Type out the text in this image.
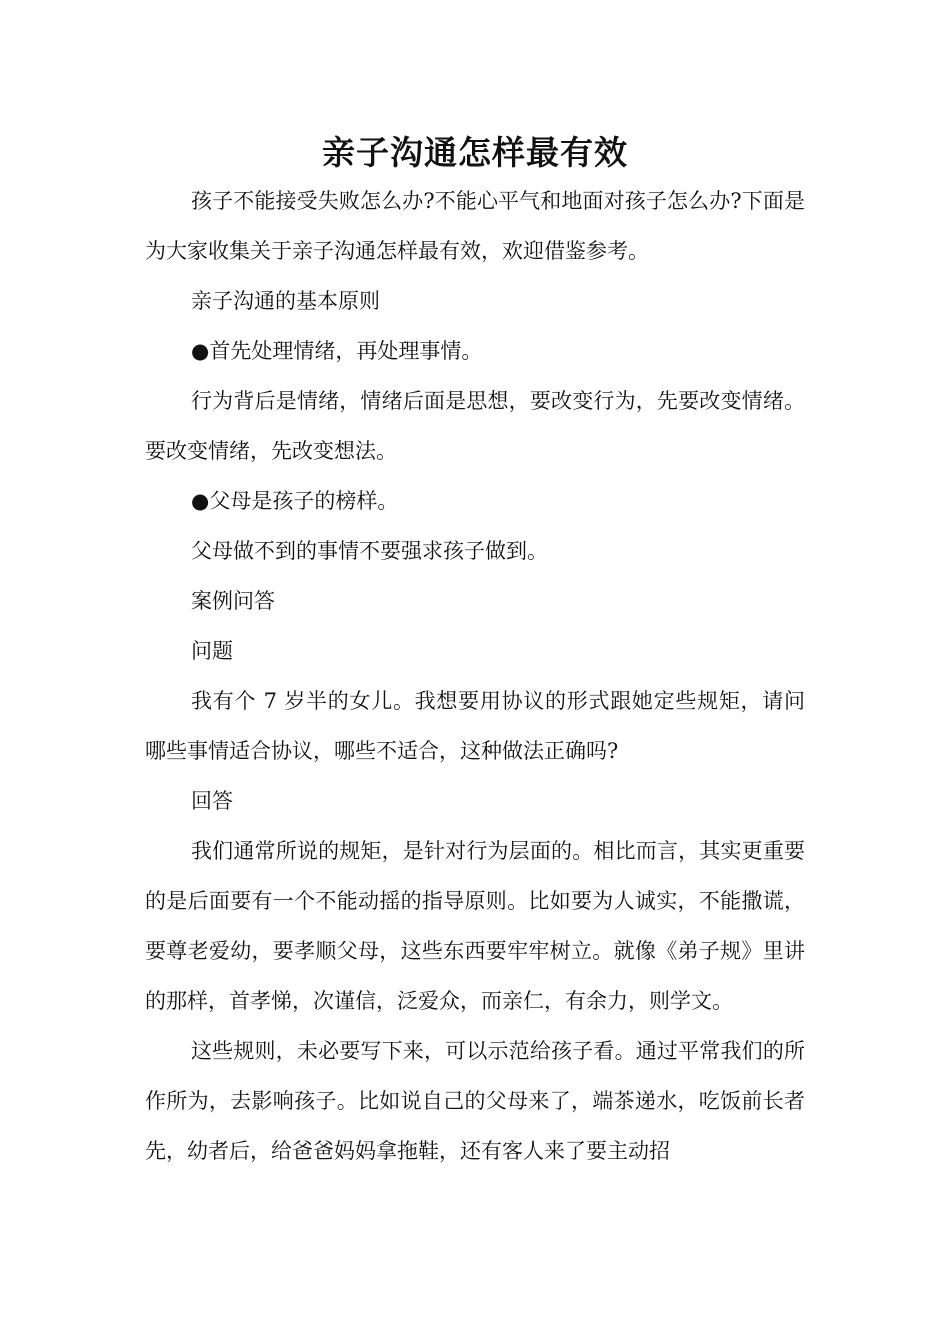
亲子沟通怎样最有效

孩子不能接受失败怎么办?不能心平气和地面对孩子怎么办?下面是为大家收集关于亲子沟通怎样最有效，欢迎借鉴参考。

亲子沟通的基本原则

●首先处理情绪，再处理事情。

行为背后是情绪，情绪后面是思想，要改变行为，先要改变情绪。要改变情绪，先改变想法。

●父母是孩子的榜样。

父母做不到的事情不要强求孩子做到。

案例问答

问题

我有个 7 岁半的女儿。我想要用协议的形式跟她定些规矩，请问哪些事情适合协议，哪些不适合，这种做法正确吗?

回答

我们通常所说的规矩，是针对行为层面的。相比而言，其实更重要的是后面要有一个不能动摇的指导原则。比如要为人诚实，不能撒谎，要尊老爱幼，要孝顺父母，这些东西要牢牢树立。就像《弟子规》里讲的那样，首孝悌，次谨信，泛爱众，而亲仁，有余力，则学文。

这些规则，未必要写下来，可以示范给孩子看。通过平常我们的所作所为，去影响孩子。比如说自己的父母来了，端茶递水，吃饭前长者先，幼者后，给爸爸妈妈拿拖鞋，还有客人来了要主动招
